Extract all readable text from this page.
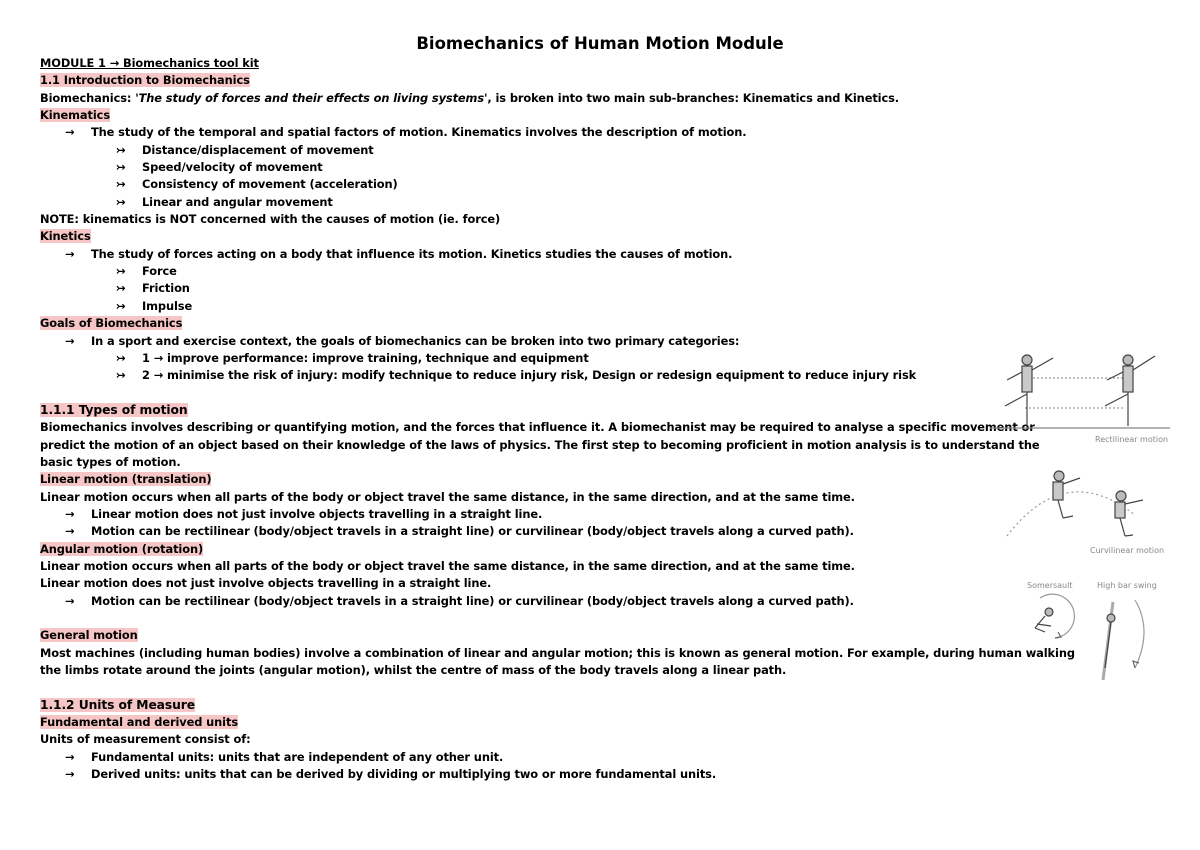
Biomechanics of Human Motion Module
MODULE 1 → Biomechanics tool kit
1.1 Introduction to Biomechanics
Biomechanics: 'The study of forces and their effects on living systems', is broken into two main sub-branches: Kinematics and Kinetics.
Kinematics
→ The study of the temporal and spatial factors of motion. Kinematics involves the description of motion.
↣ Distance/displacement of movement
↣ Speed/velocity of movement
↣ Consistency of movement (acceleration)
↣ Linear and angular movement
NOTE: kinematics is NOT concerned with the causes of motion (ie. force)
Kinetics
→ The study of forces acting on a body that influence its motion. Kinetics studies the causes of motion.
↣ Force
↣ Friction
↣ Impulse
Goals of Biomechanics
→ In a sport and exercise context, the goals of biomechanics can be broken into two primary categories:
↣ 1 → improve performance: improve training, technique and equipment
↣ 2 → minimise the risk of injury: modify technique to reduce injury risk, Design or redesign equipment to reduce injury risk
1.1.1 Types of motion
Biomechanics involves describing or quantifying motion, and the forces that influence it. A biomechanist may be required to analyse a specific movement or
predict the motion of an object based on their knowledge of the laws of physics. The first step to becoming proficient in motion analysis is to understand the
basic types of motion.
Linear motion (translation)
Linear motion occurs when all parts of the body or object travel the same distance, in the same direction, and at the same time.
→ Linear motion does not just involve objects travelling in a straight line.
→ Motion can be rectilinear (body/object travels in a straight line) or curvilinear (body/object travels along a curved path).
Angular motion (rotation)
Linear motion occurs when all parts of the body or object travel the same distance, in the same direction, and at the same time.
Linear motion does not just involve objects travelling in a straight line.
→ Motion can be rectilinear (body/object travels in a straight line) or curvilinear (body/object travels along a curved path).
General motion
Most machines (including human bodies) involve a combination of linear and angular motion; this is known as general motion. For example, during human walking
the limbs rotate around the joints (angular motion), whilst the centre of mass of the body travels along a linear path.
1.1.2 Units of Measure
Fundamental and derived units
Units of measurement consist of:
→ Fundamental units: units that are independent of any other unit.
→ Derived units: units that can be derived by dividing or multiplying two or more fundamental units.
Rectilinear motion
Curvilinear motion
Somersault	High bar swing
